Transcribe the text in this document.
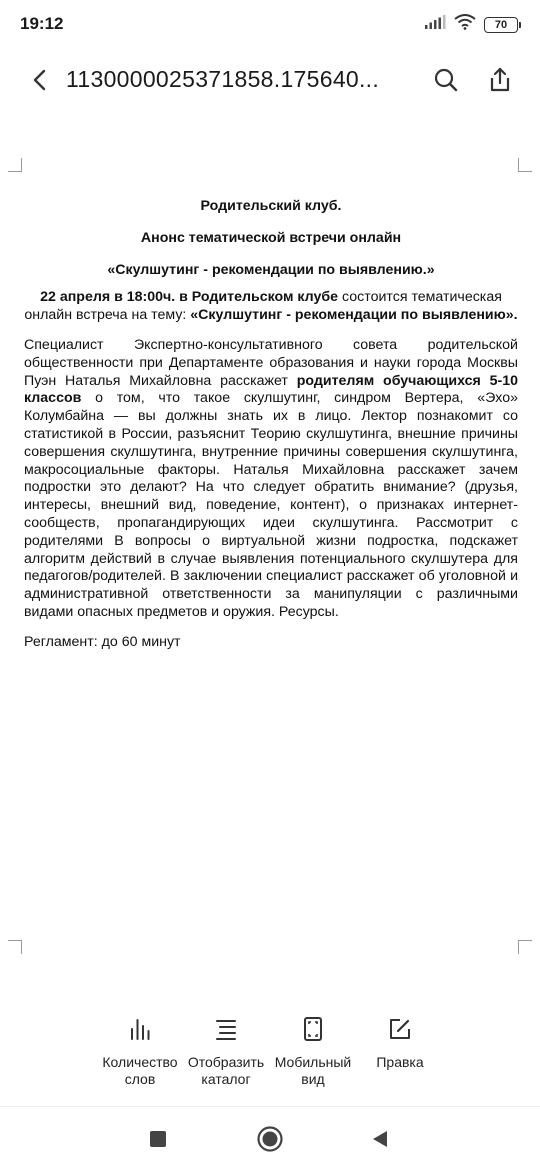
19:12	70
1130000025371858.175640...
Родительский клуб.
Анонс тематической встречи онлайн
«Скулшутинг - рекомендации по выявлению.»
22 апреля в 18:00ч. в Родительском клубе состоится тематическая онлайн встреча на тему: «Скулшутинг - рекомендации по выявлению».
Специалист Экспертно-консультативного совета родительской общественности при Департаменте образования и науки города Москвы Пуэн Наталья Михайловна расскажет родителям обучающихся 5-10 классов о том, что такое скулшутинг, синдром Вертера, «Эхо» Колумбайна — вы должны знать их в лицо. Лектор познакомит со статистикой в России, разъяснит Теорию скулшутинга, внешние причины совершения скулшутинга, внутренние причины совершения скулшутинга, макросоциальные факторы. Наталья Михайловна расскажет зачем подростки это делают? На что следует обратить внимание? (друзья, интересы, внешний вид, поведение, контент), о признаках интернет-сообществ, пропагандирующих идеи скулшутинга. Рассмотрит с родителями В вопросы о виртуальной жизни подростка, подскажет алгоритм действий в случае выявления потенциального скулшутера для педагогов/родителей. В заключении специалист расскажет об уголовной и административной ответственности за манипуляции с различными видами опасных предметов и оружия. Ресурсы.
Регламент: до 60 минут
Количество
слов
Отобразить
каталог
Мобильный
вид
Правка
